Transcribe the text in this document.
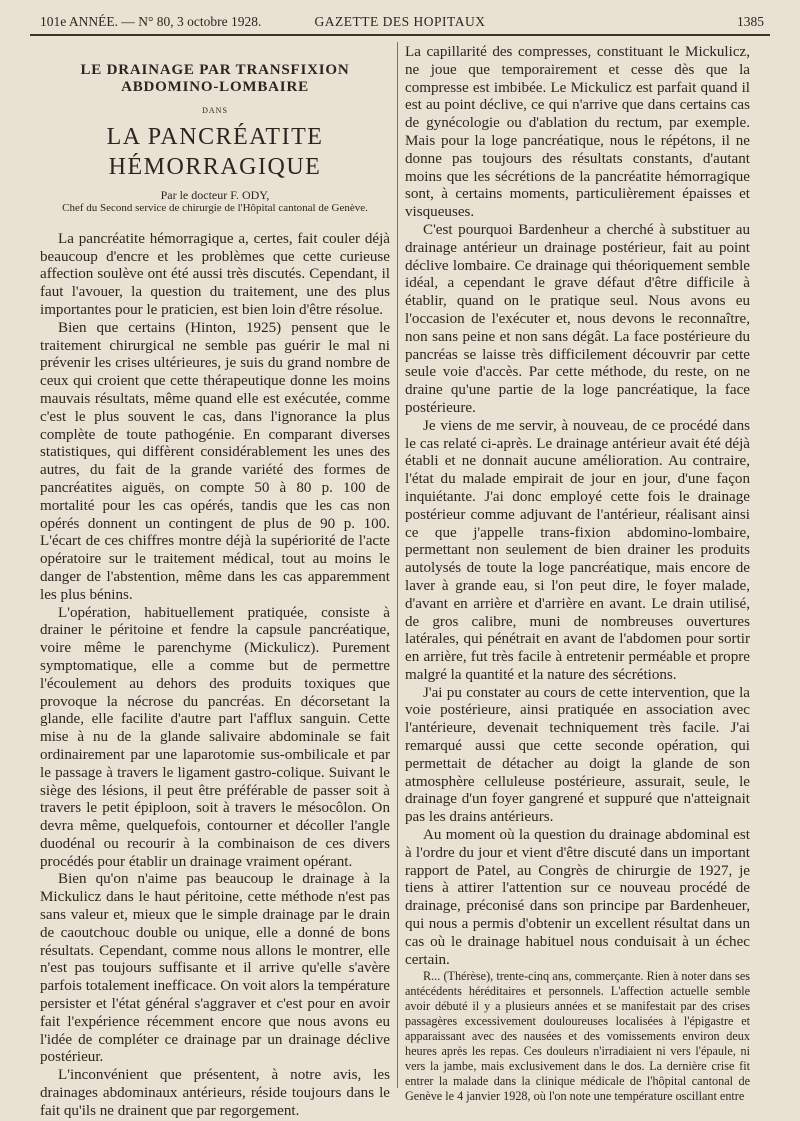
101e ANNÉE. — N° 80, 3 octobre 1928.	GAZETTE DES HOPITAUX	1385
LE DRAINAGE PAR TRANSFIXION ABDOMINO-LOMBAIRE
DANS
LA PANCRÉATITE HÉMORRAGIQUE
Par le docteur F. ODY,
Chef du Second service de chirurgie de l'Hôpital cantonal de Genève.

La pancréatite hémorragique a, certes, fait couler déjà beaucoup d'encre et les problèmes que cette curieuse affection soulève ont été aussi très discutés. Cependant, il faut l'avouer, la question du traitement, une des plus importantes pour le praticien, est bien loin d'être résolue.

Bien que certains (Hinton, 1925) pensent que le traitement chirurgical ne semble pas guérir le mal ni prévenir les crises ultérieures, je suis du grand nombre de ceux qui croient que cette thérapeutique donne les moins mauvais résultats, même quand elle est exécutée, comme c'est le plus souvent le cas, dans l'ignorance la plus complète de toute pathogénie. En comparant diverses statistiques, qui diffèrent considérablement les unes des autres, du fait de la grande variété des formes de pancréatites aiguës, on compte 50 à 80 p. 100 de mortalité pour les cas opérés, tandis que les cas non opérés donnent un contingent de plus de 90 p. 100. L'écart de ces chiffres montre déjà la supériorité de l'acte opératoire sur le traitement médical, tout au moins le danger de l'abstention, même dans les cas apparemment les plus bénins.

L'opération, habituellement pratiquée, consiste à drainer le péritoine et fendre la capsule pancréatique, voire même le parenchyme (Mickulicz). Purement symptomatique, elle a comme but de permettre l'écoulement au dehors des produits toxiques que provoque la nécrose du pancréas. En décorsetant la glande, elle facilite d'autre part l'afflux sanguin. Cette mise à nu de la glande salivaire abdominale se fait ordinairement par une laparotomie sus-ombilicale et par le passage à travers le ligament gastro-colique. Suivant le siège des lésions, il peut être préférable de passer soit à travers le petit épiploon, soit à travers le mésocôlon. On devra même, quelquefois, contourner et décoller l'angle duodénal ou recourir à la combinaison de ces divers procédés pour établir un drainage vraiment opérant.

Bien qu'on n'aime pas beaucoup le drainage à la Mickulicz dans le haut péritoine, cette méthode n'est pas sans valeur et, mieux que le simple drainage par le drain de caoutchouc double ou unique, elle a donné de bons résultats. Cependant, comme nous allons le montrer, elle n'est pas toujours suffisante et il arrive qu'elle s'avère parfois totalement inefficace. On voit alors la température persister et l'état général s'aggraver et c'est pour en avoir fait l'expérience récemment encore que nous avons eu l'idée de compléter ce drainage par un drainage déclive postérieur.

L'inconvénient que présentent, à notre avis, les drainages abdominaux antérieurs, réside toujours dans le fait qu'ils ne drainent que par regorgement.

La capillarité des compresses, constituant le Mickulicz, ne joue que temporairement et cesse dès que la compresse est imbibée. Le Mickulicz est parfait quand il est au point déclive, ce qui n'arrive que dans certains cas de gynécologie ou d'ablation du rectum, par exemple. Mais pour la loge pancréatique, nous le répétons, il ne donne pas toujours des résultats constants, d'autant moins que les sécrétions de la pancréatite hémorragique sont, à certains moments, particulièrement épaisses et visqueuses.

C'est pourquoi Bardenheur a cherché à substituer au drainage antérieur un drainage postérieur, fait au point déclive lombaire. Ce drainage qui théoriquement semble idéal, a cependant le grave défaut d'être difficile à établir, quand on le pratique seul. Nous avons eu l'occasion de l'exécuter et, nous devons le reconnaître, non sans peine et non sans dégât. La face postérieure du pancréas se laisse très difficilement découvrir par cette seule voie d'accès. Par cette méthode, du reste, on ne draine qu'une partie de la loge pancréatique, la face postérieure.

Je viens de me servir, à nouveau, de ce procédé dans le cas relaté ci-après. Le drainage antérieur avait été déjà établi et ne donnait aucune amélioration. Au contraire, l'état du malade empirait de jour en jour, d'une façon inquiétante. J'ai donc employé cette fois le drainage postérieur comme adjuvant de l'antérieur, réalisant ainsi ce que j'appelle trans-fixion abdomino-lombaire, permettant non seulement de bien drainer les produits autolysés de toute la loge pancréatique, mais encore de laver à grande eau, si l'on peut dire, le foyer malade, d'avant en arrière et d'arrière en avant. Le drain utilisé, de gros calibre, muni de nombreuses ouvertures latérales, qui pénétrait en avant de l'abdomen pour sortir en arrière, fut très facile à entretenir perméable et propre malgré la quantité et la nature des sécrétions.

J'ai pu constater au cours de cette intervention, que la voie postérieure, ainsi pratiquée en association avec l'antérieure, devenait techniquement très facile. J'ai remarqué aussi que cette seconde opération, qui permettait de détacher au doigt la glande de son atmosphère celluleuse postérieure, assurait, seule, le drainage d'un foyer gangrené et suppuré que n'atteignait pas les drains antérieurs.

Au moment où la question du drainage abdominal est à l'ordre du jour et vient d'être discuté dans un important rapport de Patel, au Congrès de chirurgie de 1927, je tiens à attirer l'attention sur ce nouveau procédé de drainage, préconisé dans son principe par Bardenheuer, qui nous a permis d'obtenir un excellent résultat dans un cas où le drainage habituel nous conduisait à un échec certain.

R... (Thérèse), trente-cinq ans, commerçante. Rien à noter dans ses antécédents héréditaires et personnels. L'affection actuelle semble avoir débuté il y a plusieurs années et se manifestait par des crises passagères excessivement douloureuses localisées à l'épigastre et apparaissant avec des nausées et des vomissements environ deux heures après les repas. Ces douleurs n'irradiaient ni vers l'épaule, ni vers la jambe, mais exclusivement dans le dos. La dernière crise fit entrer la malade dans la clinique médicale de l'hôpital cantonal de Genève le 4 janvier 1928, où l'on note une température oscillant entre
